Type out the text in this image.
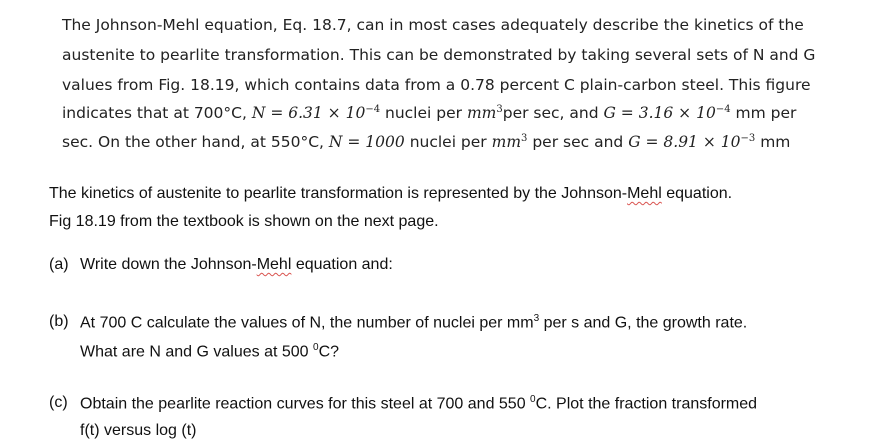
The Johnson-Mehl equation, Eq. 18.7, can in most cases adequately describe the kinetics of the
austenite to pearlite transformation. This can be demonstrated by taking several sets of N and G
values from Fig. 18.19, which contains data from a 0.78 percent C plain-carbon steel. This figure
indicates that at 700°C, $N = 6.31 \times 10^{-4}$ nuclei per $mm^3per$ sec, and $G = 3.16 \times 10^{-4}$ mm per
sec. On the other hand, at 550°C, N = 1000 nuclei per $mm^3$ per sec and $G = 8.91 \times 10^{-3}$ mm
The kinetics of austenite to pearlite transformation is represented by the Johnson-Mehl equation.
Fig 18.19 from the textbook is shown on the next page.
(a) Write down the Johnson-Mehl equation and:
(b) At 700 C calculate the values of N, the number of nuclei per $mm^3$ per s and G, the growth rate.
What are N and G values at 500 $^0$C?
(c) Obtain the pearlite reaction curves for this steel at 700 and 550 $^0$C. Plot the fraction transformed
f(t) versus log (t)
